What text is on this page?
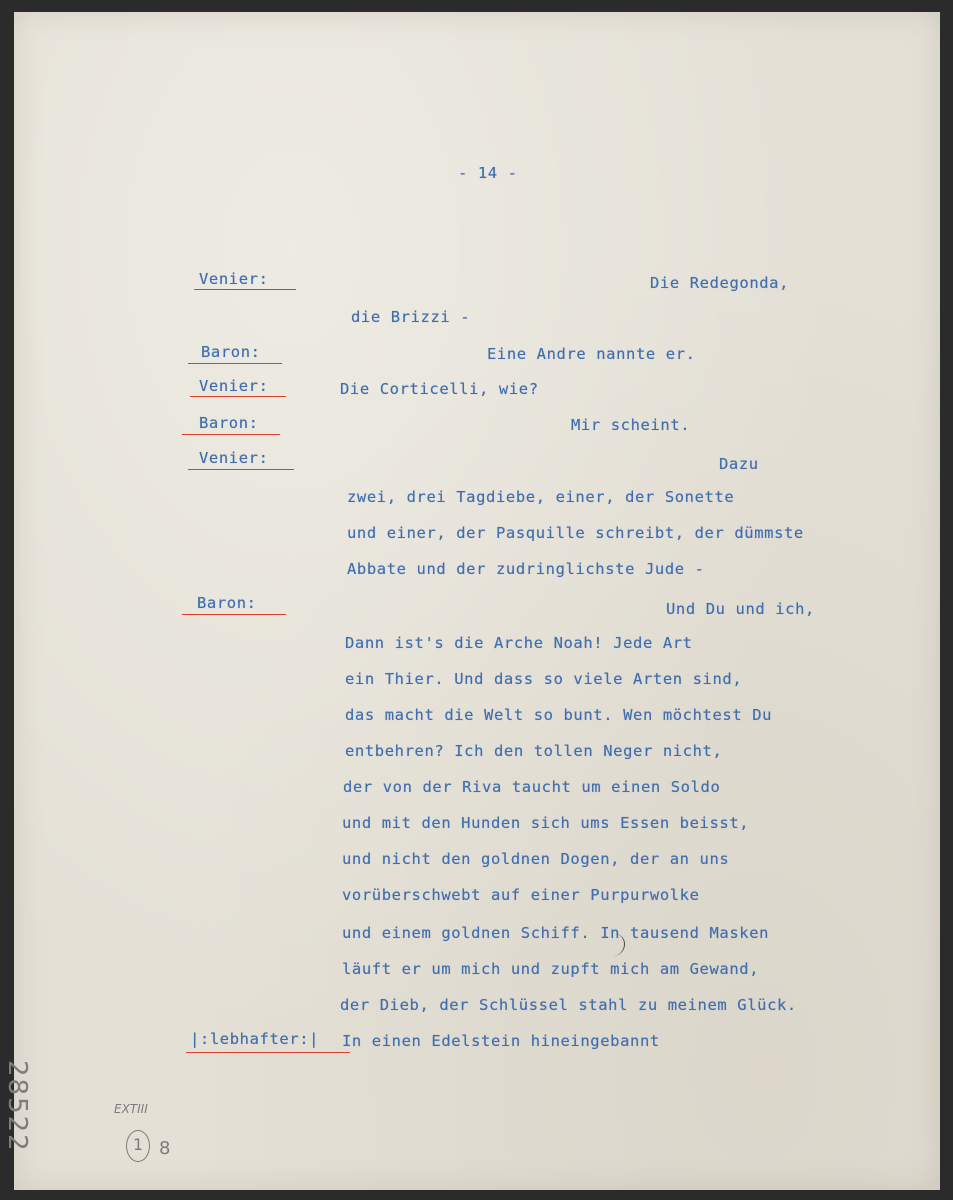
- 14 -
Venier:	Die Redegonda,
die Brizzi -
Baron:	Eine Andre nannte er.
Venier:	Die Corticelli, wie?
Baron:	Mir scheint.
Venier:	Dazu
zwei, drei Tagdiebe, einer, der Sonette
und einer, der Pasquille schreibt, der dümmste
Abbate und der zudringlichste Jude -
Baron:	Und Du und ich,
Dann ist's die Arche Noah! Jede Art
ein Thier. Und dass so viele Arten sind,
das macht die Welt so bunt. Wen möchtest Du
entbehren? Ich den tollen Neger nicht,
der von der Riva taucht um einen Soldo
und mit den Hunden sich ums Essen beisst,
und nicht den goldnen Dogen, der an uns
vorüberschwebt auf einer Purpurwolke
und einem goldnen Schiff. In tausend Masken
läuft er um mich und zupft mich am Gewand,
der Dieb, der Schlüssel stahl zu meinem Glück.
|:lebhafter:| In einen Edelstein hineingebannt
28522	EXTIII
1 8
